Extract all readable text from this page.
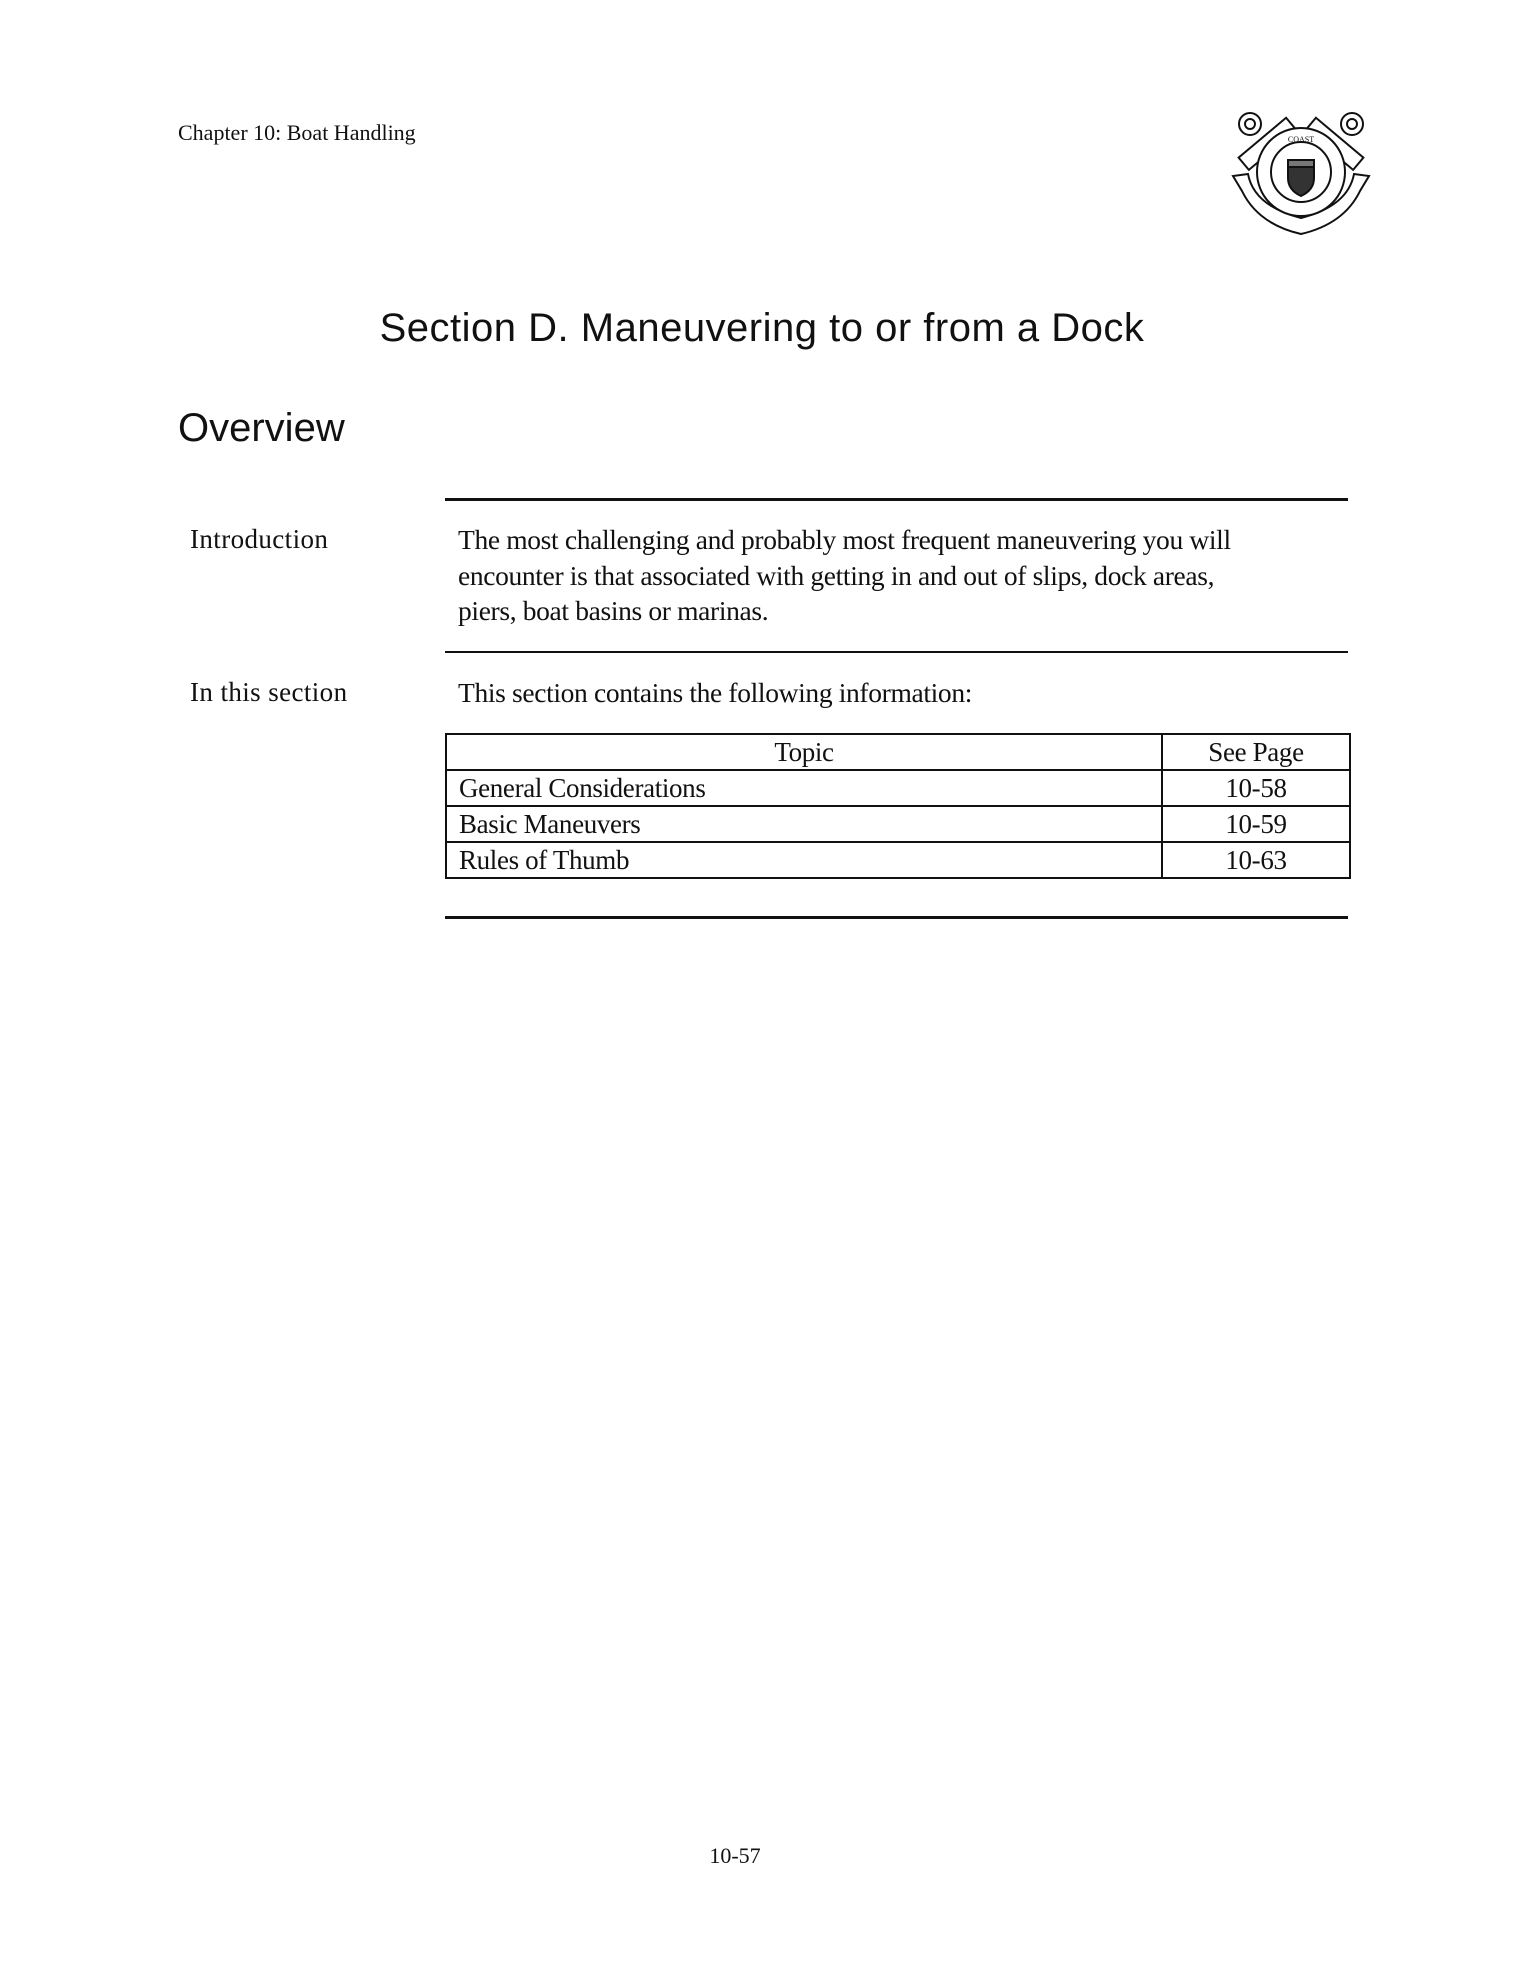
Chapter 10: Boat Handling	COAST
Section D. Maneuvering to or from a Dock
Overview
Introduction	The most challenging and probably most frequent maneuvering you will
encounter is that associated with getting in and out of slips, dock areas,
piers, boat basins or marinas.
In this section	This section contains the following information:
Topic	See Page
General Considerations	10-58
Basic Maneuvers	10-59
Rules of Thumb	10-63
10-57
